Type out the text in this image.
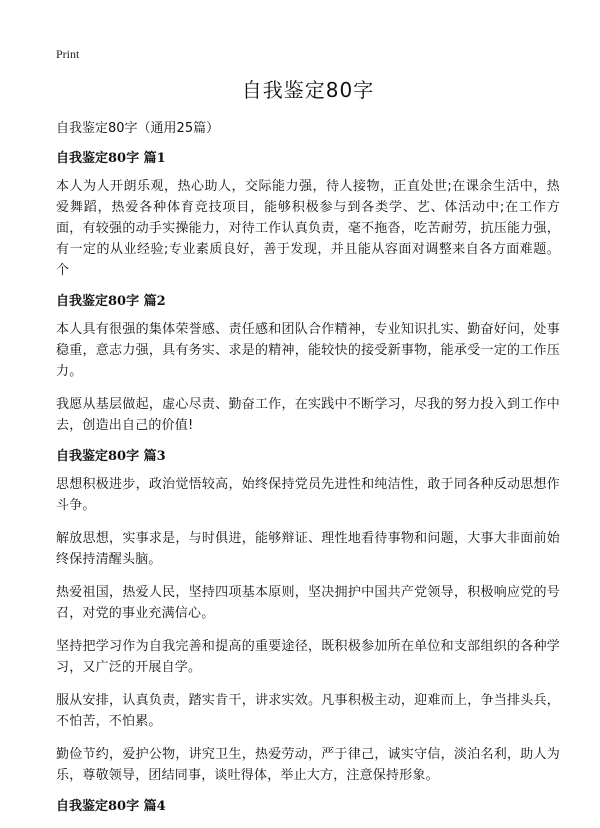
Print
自我鉴定80字
自我鉴定80字（通用25篇）
自我鉴定80字 篇1

本人为人开朗乐观，热心助人，交际能力强，待人接物，正直处世;在课余生活中，热爱舞蹈，热爱各种体育竞技项目，能够积极参与到各类学、艺、体活动中;在工作方面，有较强的动手实操能力，对待工作认真负责，毫不拖沓，吃苦耐劳，抗压能力强，有一定的从业经验;专业素质良好，善于发现，并且能从容面对调整来自各方面难题。个

自我鉴定80字 篇2

本人具有很强的集体荣誉感、责任感和团队合作精神，专业知识扎实、勤奋好问，处事稳重，意志力强，具有务实、求是的精神，能较快的接受新事物，能承受一定的工作压力。

我愿从基层做起，虚心尽责、勤奋工作，在实践中不断学习，尽我的努力投入到工作中去，创造出自己的价值!

自我鉴定80字 篇3

思想积极进步，政治觉悟较高，始终保持党员先进性和纯洁性，敢于同各种反动思想作斗争。

解放思想，实事求是，与时俱进，能够辩证、理性地看待事物和问题，大事大非面前始终保持清醒头脑。

热爱祖国，热爱人民，坚持四项基本原则，坚决拥护中国共产党领导，积极响应党的号召，对党的事业充满信心。

坚持把学习作为自我完善和提高的重要途径，既积极参加所在单位和支部组织的各种学习，又广泛的开展自学。

服从安排，认真负责，踏实肯干，讲求实效。凡事积极主动，迎难而上，争当排头兵，不怕苦，不怕累。

勤俭节约，爱护公物，讲究卫生，热爱劳动，严于律己，诚实守信，淡泊名利，助人为乐，尊敬领导，团结同事，谈吐得体，举止大方，注意保持形象。

自我鉴定80字 篇4
